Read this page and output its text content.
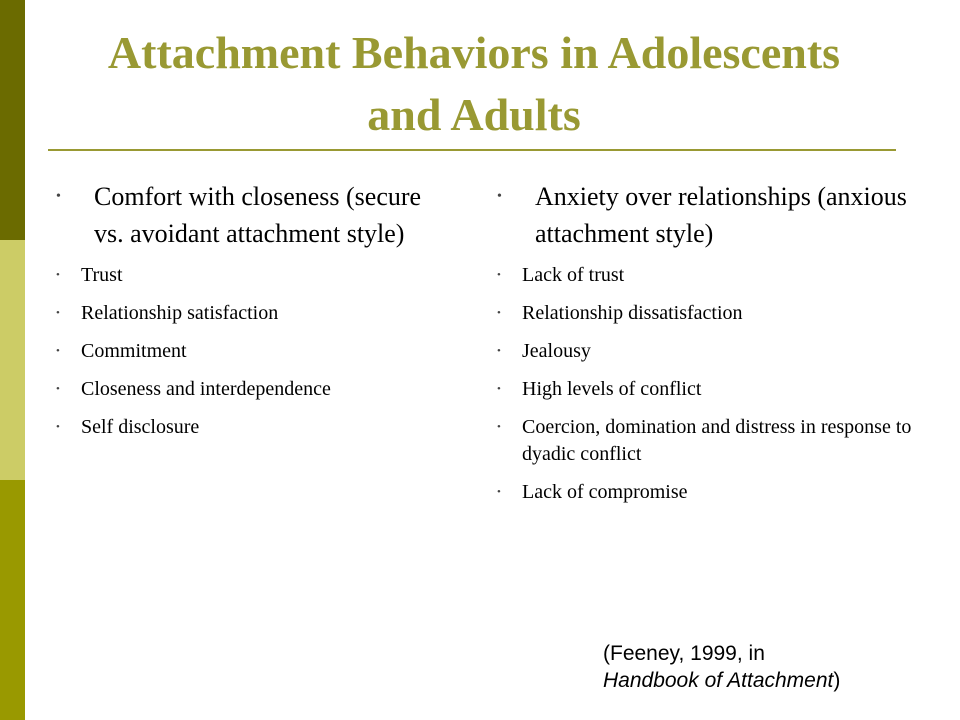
Attachment Behaviors in Adolescents
and Adults
• Comfort with closeness (secure vs. avoidant attachment style)
• Trust
• Relationship satisfaction
• Commitment
• Closeness and interdependence
• Self disclosure
• Anxiety over relationships (anxious attachment style)
• Lack of trust
• Relationship dissatisfaction
• Jealousy
• High levels of conflict
• Coercion, domination and distress in response to dyadic conflict
• Lack of compromise
(Feeney, 1999, in
Handbook of Attachment)
